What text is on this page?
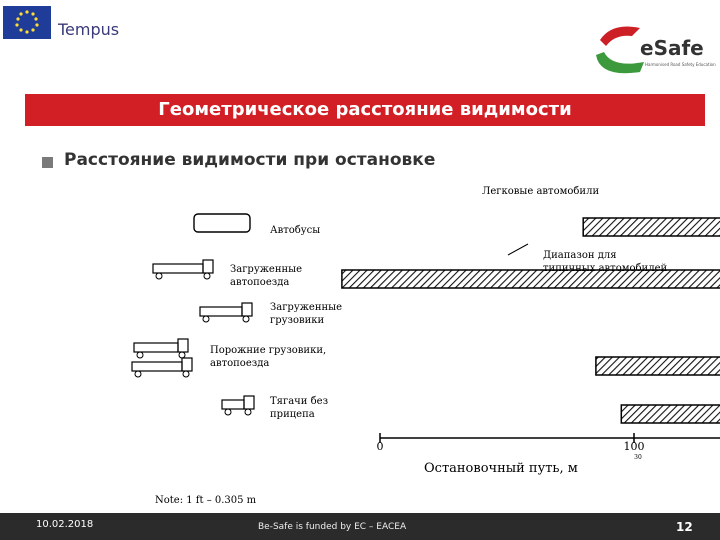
Tempus
eSafe
Harmonised Road Safety Education
Геометрическое расстояние видимости
Расстояние видимости при остановке
Легковые автомобили
Автобусы
Загруженные
автопоезда
Загруженные
грузовики
Порожние грузовики,
автопоезда
Тягачи без
прицепа
0	100
30
Диапазон для
типичных автомобилей
Остановочный путь, м
Note: 1 ft – 0.305 m
10.02.2018	Be-Safe is funded by EC – EACEA	12
